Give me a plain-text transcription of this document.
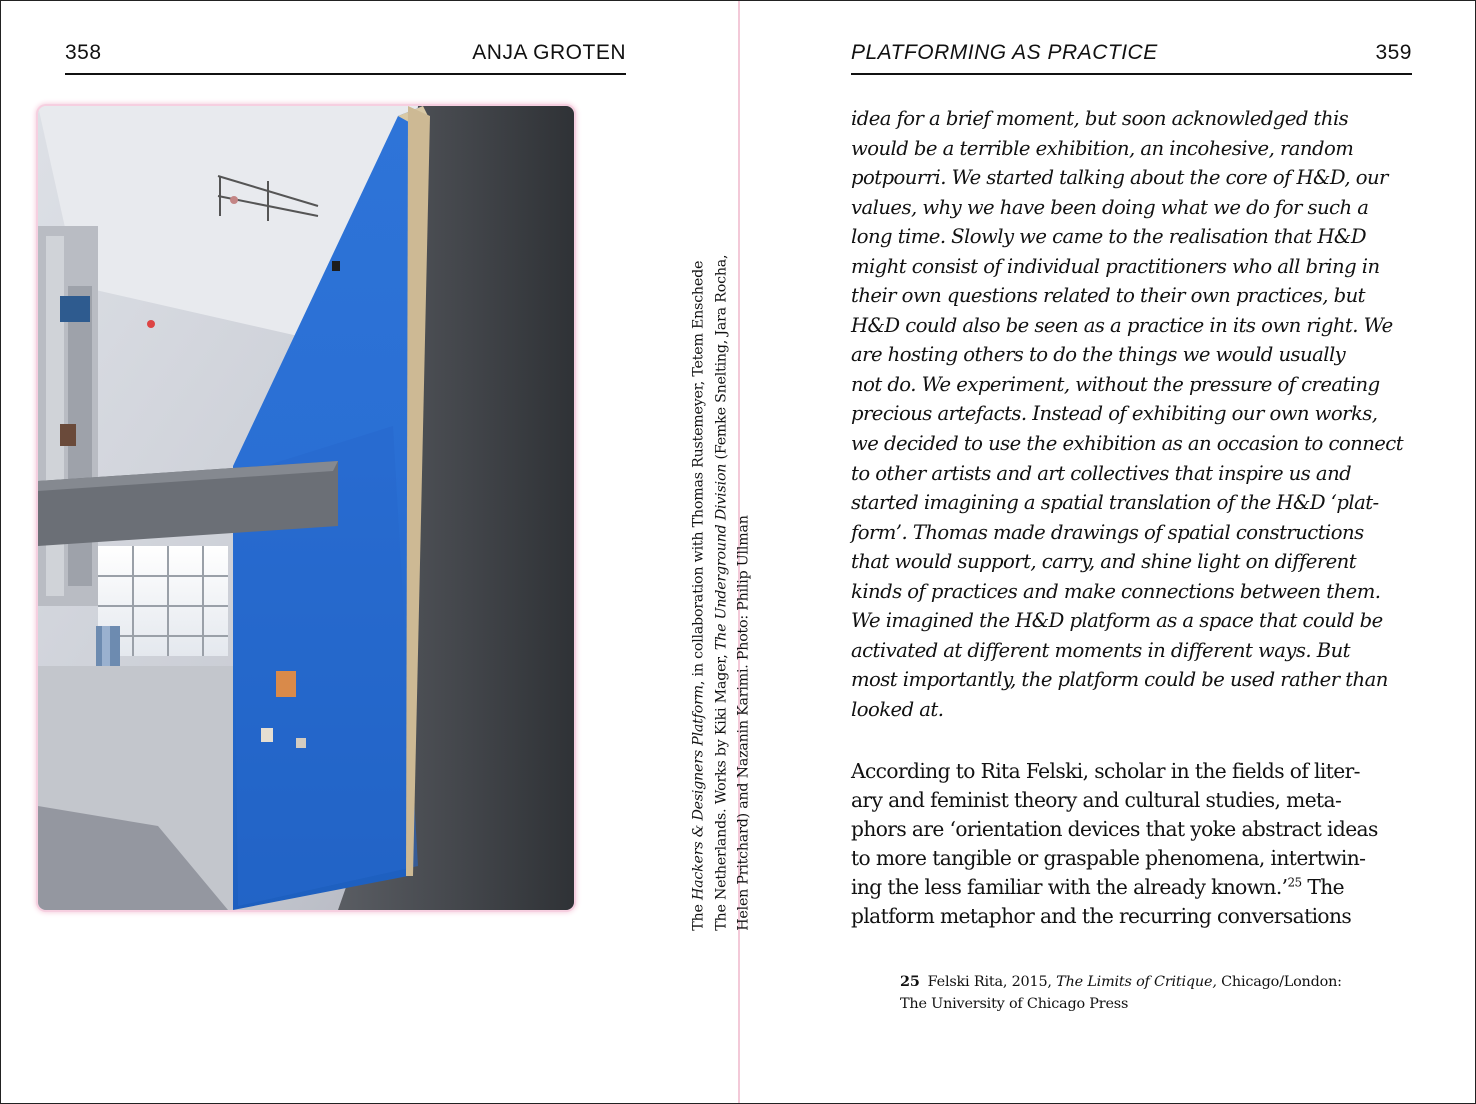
358	ANJA GROTEN
The Hackers & Designers Platform, in collaboration with Thomas Rustemeyer, Tetem Enschede
The Netherlands. Works by Kiki Mager, The Underground Division (Femke Snelting, Jara Rocha,
Helen Pritchard) and Nazanin Karimi. Photo: Philip Ullman
PLATFORMING AS PRACTICE	359
idea for a brief moment, but soon acknowledged this
would be a terrible exhibition, an incohesive, random
potpourri. We started talking about the core of H&D, our
values, why we have been doing what we do for such a
long time. Slowly we came to the realisation that H&D
might consist of individual practitioners who all bring in
their own questions related to their own practices, but
H&D could also be seen as a practice in its own right. We
are hosting others to do the things we would usually
not do. We experiment, without the pressure of creating
precious artefacts. Instead of exhibiting our own works,
we decided to use the exhibition as an occasion to connect
to other artists and art collectives that inspire us and
started imagining a spatial translation of the H&D ‘plat-
form’. Thomas made drawings of spatial constructions
that would support, carry, and shine light on different
kinds of practices and make connections between them.
We imagined the H&D platform as a space that could be
activated at different moments in different ways. But
most importantly, the platform could be used rather than
looked at.
According to Rita Felski, scholar in the fields of liter-
ary and feminist theory and cultural studies, meta-
phors are ‘orientation devices that yoke abstract ideas
to more tangible or graspable phenomena, intertwin-
ing the less familiar with the already known.’$^{25}$ The
platform metaphor and the recurring conversations
25 Felski Rita, 2015, The Limits of Critique, Chicago/London:
The University of Chicago Press
